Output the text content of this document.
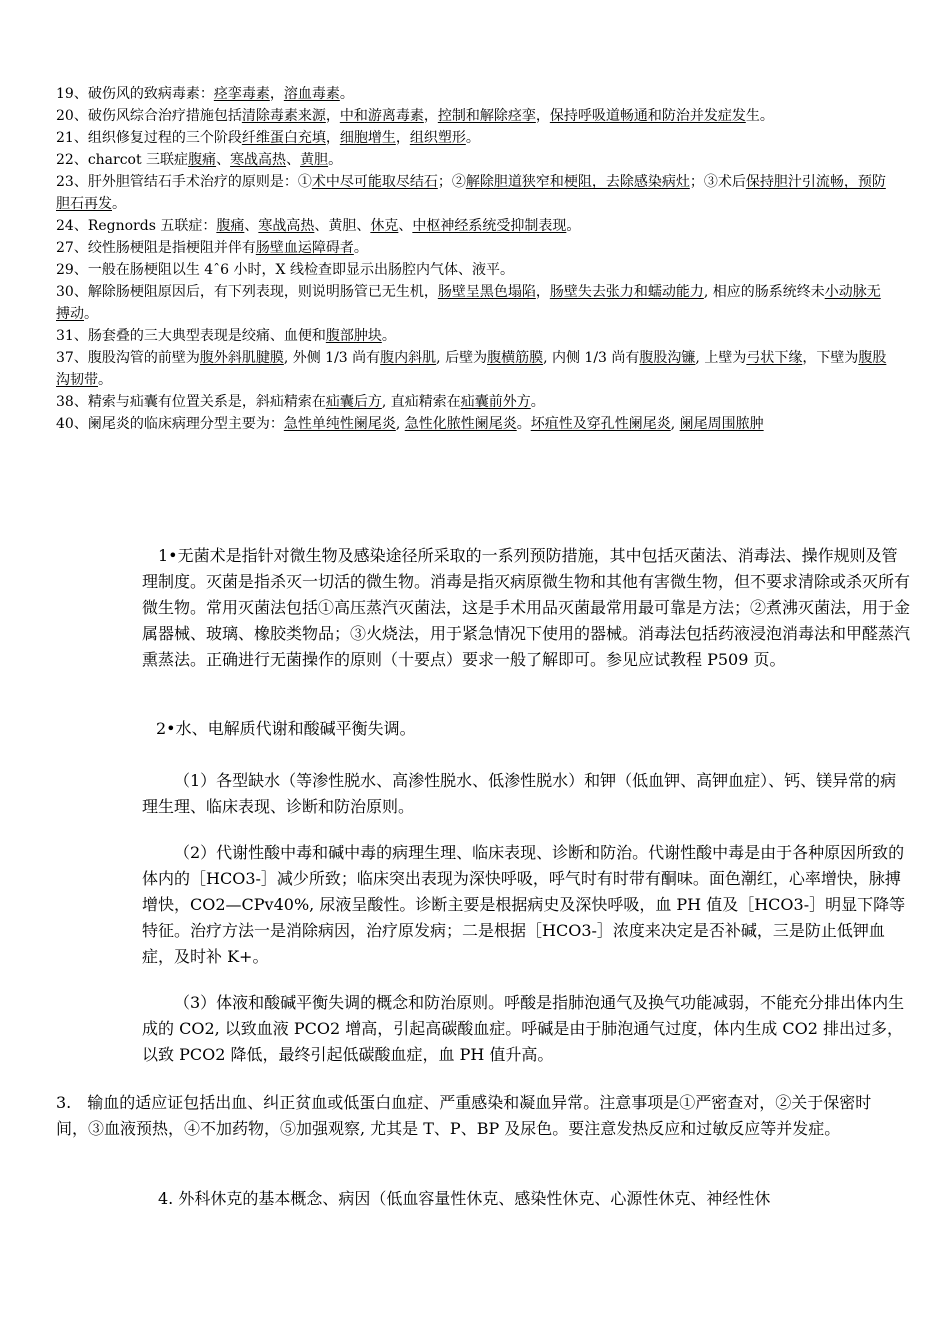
19、破伤风的致病毒素：痉挛毒素，溶血毒素。

20、破伤风综合治疗措施包括清除毒素来源，中和游离毒素，控制和解除痉挛，保持呼吸道畅通和防治并发症发生。

21、组织修复过程的三个阶段纤维蛋白充填，细胞增生，组织塑形。

22、charcot 三联症腹痛、寒战高热、黄胆。

23、肝外胆管结石手术治疗的原则是：①术中尽可能取尽结石；②解除胆道狭窄和梗阻，去除感染病灶；③术后保持胆汁引流畅，预防胆石再发。

24、Regnords 五联症：腹痛、寒战高热、黄胆、休克、中枢神经系统受抑制表现。

27、绞性肠梗阻是指梗阻并伴有肠壁血运障碍者。

29、一般在肠梗阻以生 4ˆ6 小时，X 线检查即显示出肠腔内气体、液平。

30、解除肠梗阻原因后，有下列表现，则说明肠管已无生机，肠壁呈黑色塌陷，肠壁失去张力和蠕动能力, 相应的肠系统终未小动脉无搏动。

31、肠套叠的三大典型表现是绞痛、血便和腹部肿块。

37、腹股沟管的前壁为腹外斜肌腱膜, 外侧 1/3 尚有腹内斜肌, 后壁为腹横筋膜, 内侧 1/3 尚有腹股沟镰, 上壁为弓状下缘，下壁为腹股沟韧带。

38、精索与疝囊有位置关系是，斜疝精索在疝囊后方, 直疝精索在疝囊前外方。

40、阑尾炎的临床病理分型主要为：急性单纯性阑尾炎, 急性化脓性阑尾炎。坏疽性及穿孔性阑尾炎, 阑尾周围脓肿

1•无菌术是指针对微生物及感染途径所采取的一系列预防措施，其中包括灭菌法、消毒法、操作规则及管理制度。灭菌是指杀灭一切活的微生物。消毒是指灭病原微生物和其他有害微生物，但不要求清除或杀灭所有微生物。常用灭菌法包括①高压蒸汽灭菌法，这是手术用品灭菌最常用最可靠是方法；②煮沸灭菌法，用于金属器械、玻璃、橡胶类物品；③火烧法，用于紧急情况下使用的器械。消毒法包括药液浸泡消毒法和甲醛蒸汽熏蒸法。正确进行无菌操作的原则（十要点）要求一般了解即可。参见应试教程 P509 页。

2•水、电解质代谢和酸碱平衡失调。

（1）各型缺水（等渗性脱水、高渗性脱水、低渗性脱水）和钾（低血钾、高钾血症）、钙、镁异常的病理生理、临床表现、诊断和防治原则。

（2）代谢性酸中毒和碱中毒的病理生理、临床表现、诊断和防治。代谢性酸中毒是由于各种原因所致的体内的［HCO3-］减少所致；临床突出表现为深快呼吸，呼气时有时带有酮味。面色潮红，心率增快，脉搏增快，CO2—CPv40%, 尿液呈酸性。诊断主要是根据病史及深快呼吸，血 PH 值及［HCO3-］明显下降等特征。治疗方法一是消除病因，治疗原发病；二是根据［HCO3-］浓度来决定是否补碱，三是防止低钾血症，及时补 K+。

（3）体液和酸碱平衡失调的概念和防治原则。呼酸是指肺泡通气及换气功能减弱，不能充分排出体内生成的 CO2, 以致血液 PCO2 增高，引起高碳酸血症。呼碱是由于肺泡通气过度，体内生成 CO2 排出过多，以致 PCO2 降低，最终引起低碳酸血症，血 PH 值升高。

3.　输血的适应证包括出血、纠正贫血或低蛋白血症、严重感染和凝血异常。注意事项是①严密查对，②关于保密时间，③血液预热，④不加药物，⑤加强观察, 尤其是 T、P、BP 及尿色。要注意发热反应和过敏反应等并发症。

4. 外科休克的基本概念、病因（低血容量性休克、感染性休克、心源性休克、神经性休
